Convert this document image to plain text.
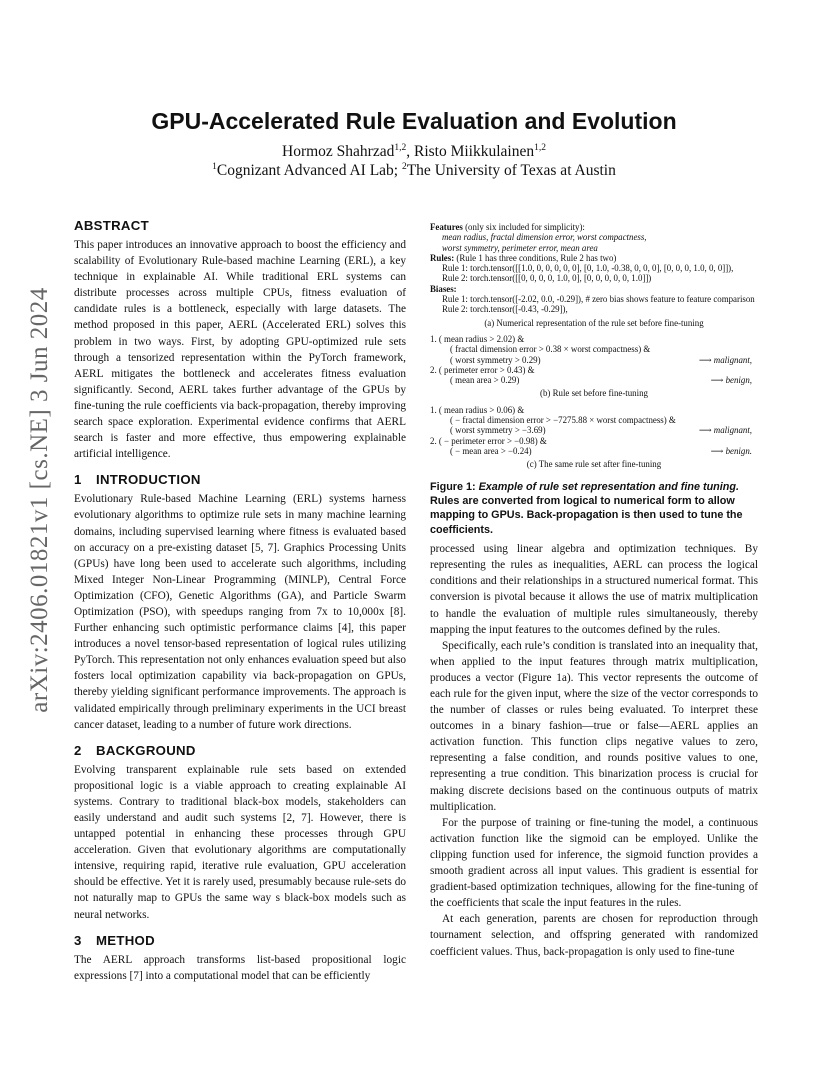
arXiv:2406.01821v1 [cs.NE] 3 Jun 2024
GPU-Accelerated Rule Evaluation and Evolution
Hormoz Shahrzad$^{1,2}$, Risto Miikkulainen$^{1,2}$
$^1$Cognizant Advanced AI Lab; $^2$The University of Texas at Austin
ABSTRACT

This paper introduces an innovative approach to boost the efficiency and scalability of Evolutionary Rule-based machine Learning (ERL), a key technique in explainable AI. While traditional ERL systems can distribute processes across multiple CPUs, fitness evaluation of candidate rules is a bottleneck, especially with large datasets. The method proposed in this paper, AERL (Accelerated ERL) solves this problem in two ways. First, by adopting GPU-optimized rule sets through a tensorized representation within the PyTorch framework, AERL mitigates the bottleneck and accelerates fitness evaluation significantly. Second, AERL takes further advantage of the GPUs by fine-tuning the rule coefficients via back-propagation, thereby improving search space exploration. Experimental evidence confirms that AERL search is faster and more effective, thus empowering explainable artificial intelligence.

1 INTRODUCTION

Evolutionary Rule-based Machine Learning (ERL) systems harness evolutionary algorithms to optimize rule sets in many machine learning domains, including supervised learning where fitness is evaluated based on accuracy on a pre-existing dataset [5, 7]. Graphics Processing Units (GPUs) have long been used to accelerate such algorithms, including Mixed Integer Non-Linear Programming (MINLP), Central Force Optimization (CFO), Genetic Algorithms (GA), and Particle Swarm Optimization (PSO), with speedups ranging from 7x to 10,000x [8]. Further enhancing such optimistic performance claims [4], this paper introduces a novel tensor-based representation of logical rules utilizing PyTorch. This representation not only enhances evaluation speed but also fosters local optimization capability via back-propagation on GPUs, thereby yielding significant performance improvements. The approach is validated empirically through preliminary experiments in the UCI breast cancer dataset, leading to a number of future work directions.

2 BACKGROUND

Evolving transparent explainable rule sets based on extended propositional logic is a viable approach to creating explainable AI systems. Contrary to traditional black-box models, stakeholders can easily understand and audit such systems [2, 7]. However, there is untapped potential in enhancing these processes through GPU acceleration. Given that evolutionary algorithms are computationally intensive, requiring rapid, iterative rule evaluation, GPU acceleration should be effective. Yet it is rarely used, presumably because rule-sets do not naturally map to GPUs the same way s black-box models such as neural networks.

3 METHOD

The AERL approach transforms list-based propositional logic expressions [7] into a computational model that can be efficiently

Features (only six included for simplicity):
mean radius, fractal dimension error, worst compactness,
worst symmetry, perimeter error, mean area
Rules: (Rule 1 has three conditions, Rule 2 has two)
Rule 1: torch.tensor([[1.0, 0, 0, 0, 0, 0], [0, 1.0, -0.38, 0, 0, 0], [0, 0, 0, 1.0, 0, 0]]),
Rule 2: torch.tensor([[0, 0, 0, 0, 1.0, 0], [0, 0, 0, 0, 0, 1.0]])
Biases:
Rule 1: torch.tensor([-2.02, 0.0, -0.29]), # zero bias shows feature to feature comparison
Rule 2: torch.tensor([-0.43, -0.29]),
(a) Numerical representation of the rule set before fine-tuning
1. ( mean radius > 2.02) &
( fractal dimension error > 0.38 × worst compactness) &
( worst symmetry > 0.29)	⟶ malignant,
2. ( perimeter error > 0.43) &
( mean area > 0.29)	⟶ benign,
(b) Rule set before fine-tuning
1. ( mean radius > 0.06) &
( − fractal dimension error > −7275.88 × worst compactness) &
( worst symmetry > −3.69)	⟶ malignant,
2. ( − perimeter error > −0.98) &
( − mean area > −0.24)	⟶ benign.
(c) The same rule set after fine-tuning
Figure 1: Example of rule set representation and fine tuning. Rules are converted from logical to numerical form to allow mapping to GPUs. Back-propagation is then used to tune the coefficients.

processed using linear algebra and optimization techniques. By representing the rules as inequalities, AERL can process the logical conditions and their relationships in a structured numerical format. This conversion is pivotal because it allows the use of matrix multiplication to handle the evaluation of multiple rules simultaneously, thereby mapping the input features to the outcomes defined by the rules.

Specifically, each rule’s condition is translated into an inequality that, when applied to the input features through matrix multiplication, produces a vector (Figure 1a). This vector represents the outcome of each rule for the given input, where the size of the vector corresponds to the number of classes or rules being evaluated. To interpret these outcomes in a binary fashion—true or false—AERL applies an activation function. This function clips negative values to zero, representing a false condition, and rounds positive values to one, representing a true condition. This binarization process is crucial for making discrete decisions based on the continuous outputs of matrix multiplication.

For the purpose of training or fine-tuning the model, a continuous activation function like the sigmoid can be employed. Unlike the clipping function used for inference, the sigmoid function provides a smooth gradient across all input values. This gradient is essential for gradient-based optimization techniques, allowing for the fine-tuning of the coefficients that scale the input features in the rules.

At each generation, parents are chosen for reproduction through tournament selection, and offspring generated with randomized coefficient values. Thus, back-propagation is only used to fine-tune
